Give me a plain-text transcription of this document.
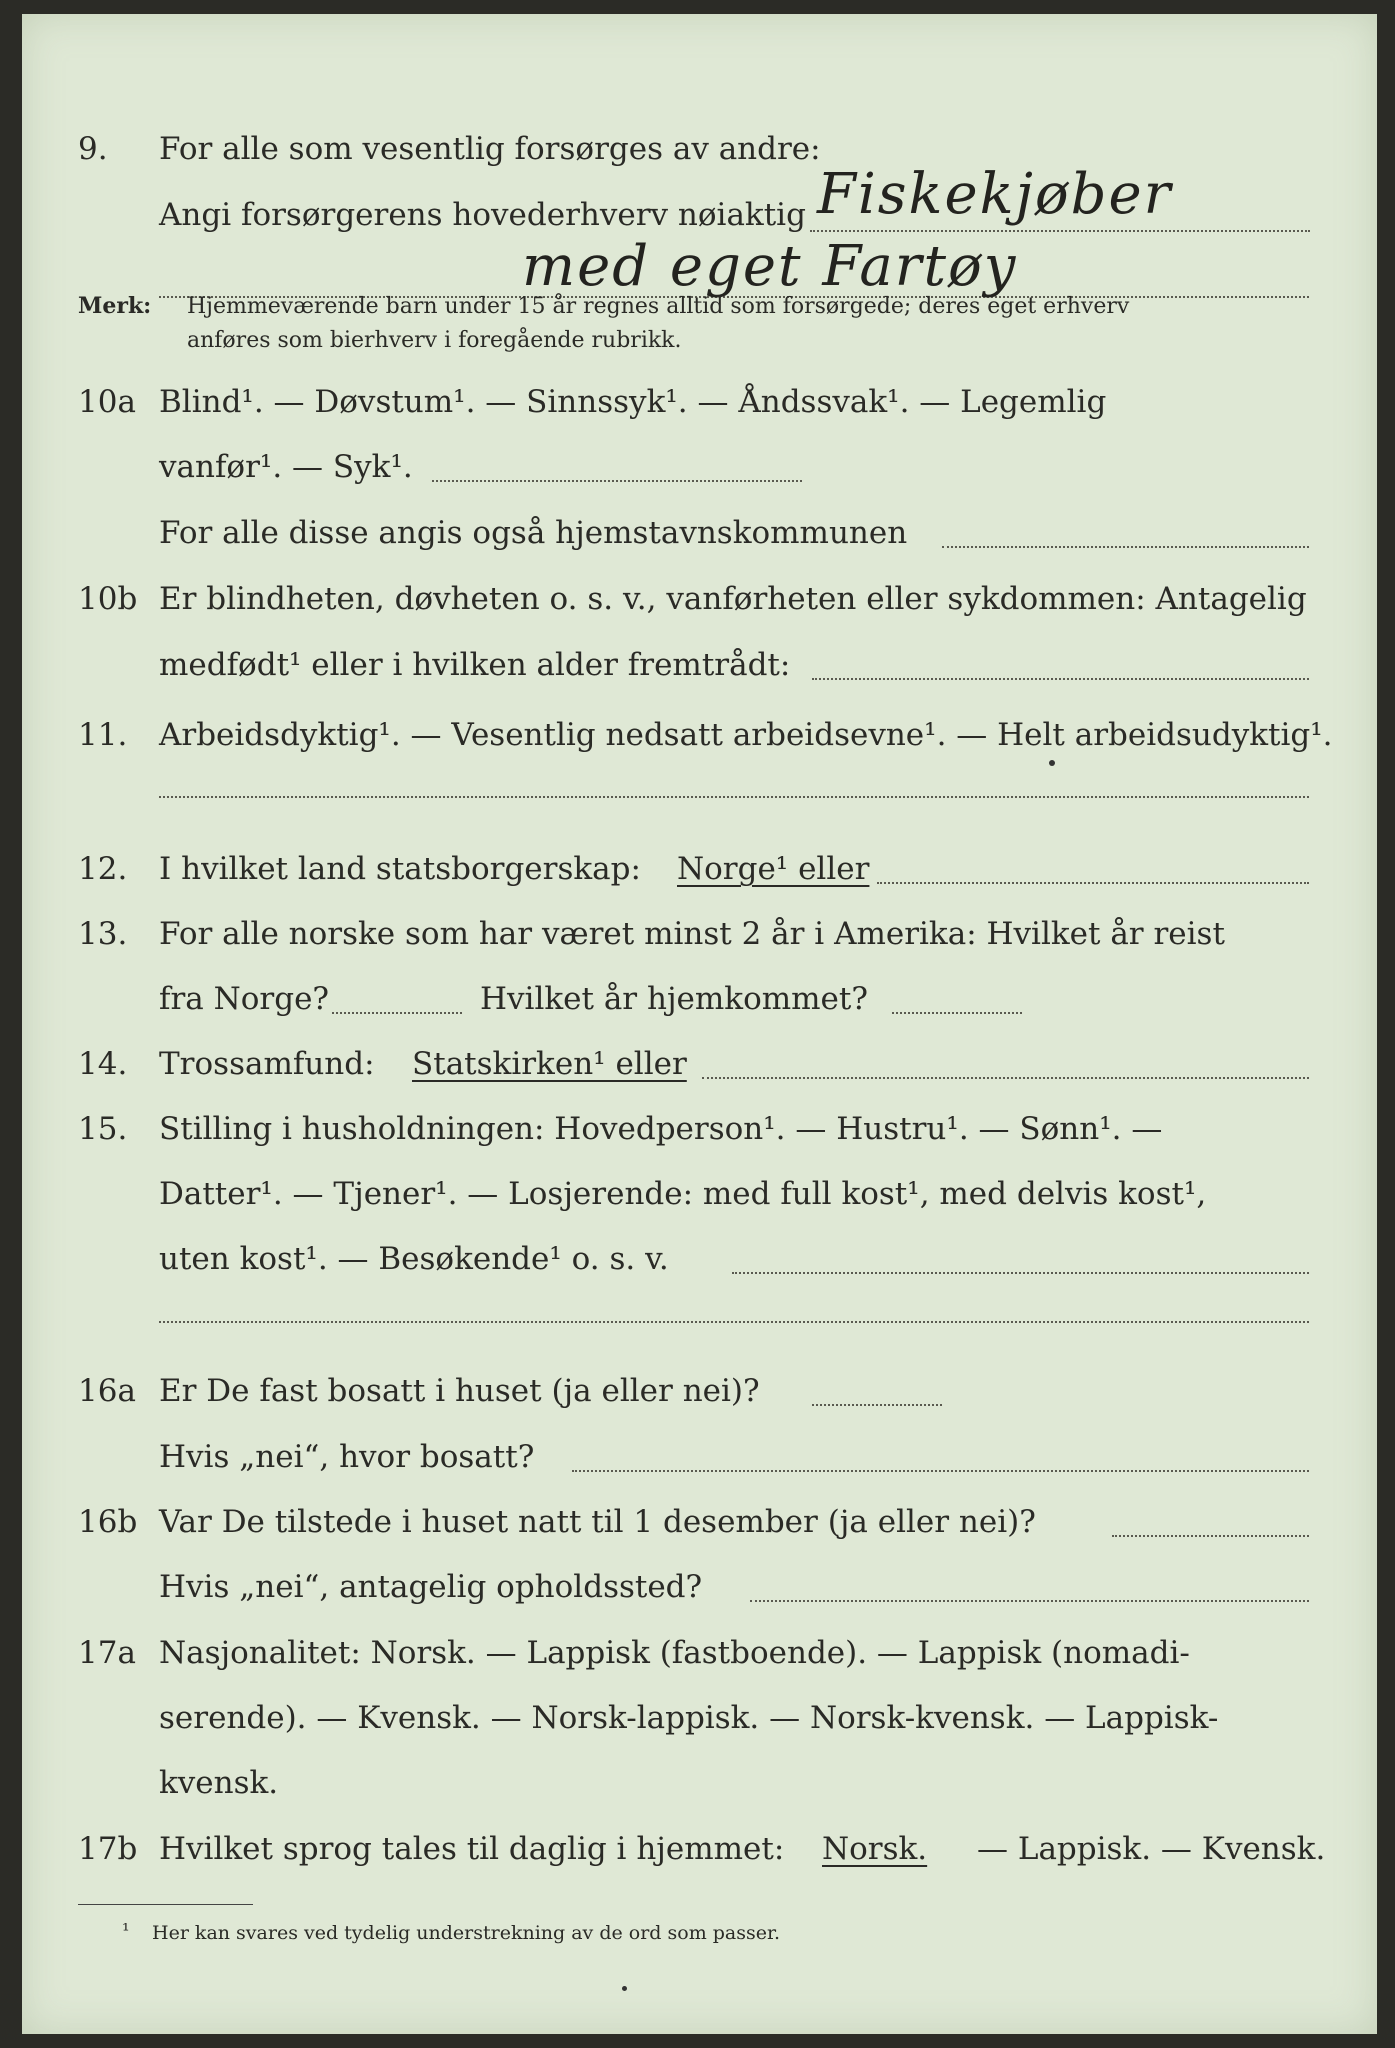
9. For alle som vesentlig forsørges av andre:
Angi forsørgerens hovederhverv nøiaktig Fiskekjøber
med eget Fartøy
Merk: Hjemmeværende barn under 15 år regnes alltid som forsørgede; deres eget erhverv
anføres som bierhverv i foregående rubrikk.
10a Blind¹. — Døvstum¹. — Sinnssyk¹. — Åndssvak¹. — Legemlig
vanfør¹. — Syk¹.
For alle disse angis også hjemstavnskommunen
10b Er blindheten, døvheten o. s. v., vanførheten eller sykdommen: Antagelig
medfødt¹ eller i hvilken alder fremtrådt:
11. Arbeidsdyktig¹. — Vesentlig nedsatt arbeidsevne¹. — Helt arbeidsudyktig¹.
12. I hvilket land statsborgerskap: Norge¹ eller
13. For alle norske som har været minst 2 år i Amerika: Hvilket år reist
fra Norge?	Hvilket år hjemkommet?
14. Trossamfund: Statskirken¹ eller
15. Stilling i husholdningen: Hovedperson¹. — Hustru¹. — Sønn¹. —
Datter¹. — Tjener¹. — Losjerende: med full kost¹, med delvis kost¹,
uten kost¹. — Besøkende¹ o. s. v.
16a Er De fast bosatt i huset (ja eller nei)?
Hvis „nei“, hvor bosatt?
16b Var De tilstede i huset natt til 1 desember (ja eller nei)?
Hvis „nei“, antagelig opholdssted?
17a Nasjonalitet: Norsk. — Lappisk (fastboende). — Lappisk (nomadi-
serende). — Kvensk. — Norsk-lappisk. — Norsk-kvensk. — Lappisk-
kvensk.
17b Hvilket sprog tales til daglig i hjemmet: Norsk. — Lappisk. — Kvensk.
¹ Her kan svares ved tydelig understrekning av de ord som passer.
